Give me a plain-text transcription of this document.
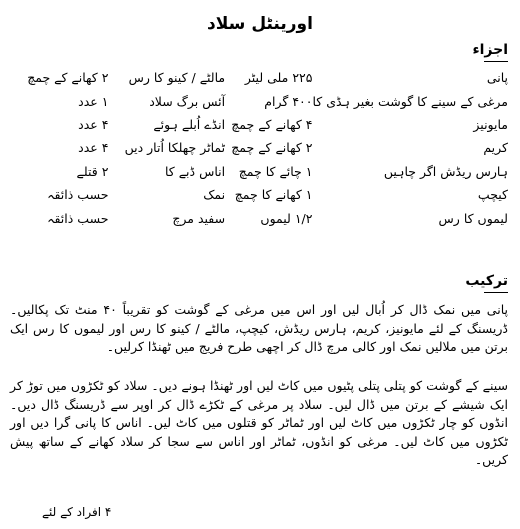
اورینٹل سلاد
اجزاء
پانی	۲۲۵ ملی لیٹر	مالٹے / کینو کا رس	۲ کھانے کے چمچ
مرغی کے سینے کا گوشت بغیر ہڈی کا	۴۰۰ گرام	آئس برگ سلاد	۱ عدد
مایونیز	۴ کھانے کے چمچ	انڈے اُبلے ہوئے	۴ عدد
کریم	۲ کھانے کے چمچ	ٹماٹر چھلکا اُتار دیں	۴ عدد
ہارس ریڈش اگر چاہیں	۱ چائے کا چمچ	اناس ڈبے کا	۲ قتلے
کیچپ	۱ کھانے کا چمچ	نمک	حسب ذائقہ
لیموں کا رس	۱/۲ لیموں	سفید مرچ	حسب ذائقہ
ترکیب

پانی میں نمک ڈال کر اُبال لیں اور اس میں مرغی کے گوشت کو تقریباً ۴۰ منٹ تک پکالیں۔ ڈریسنگ کے لئے مایونیز، کریم، ہارس ریڈش، کیچپ، مالٹے / کینو کا رس اور لیموں کا رس ایک برتن میں ملالیں نمک اور کالی مرچ ڈال کر اچھی طرح فریج میں ٹھنڈا کرلیں۔

سینے کے گوشت کو پتلی پتلی پٹیوں میں کاٹ لیں اور ٹھنڈا ہونے دیں۔ سلاد کو ٹکڑوں میں توڑ کر ایک شیشے کے برتن میں ڈال لیں۔ سلاد پر مرغی کے ٹکڑے ڈال کر اوپر سے ڈریسنگ ڈال دیں۔ انڈوں کو چار ٹکڑوں میں کاٹ لیں اور ٹماٹر کو قتلوں میں کاٹ لیں۔ اناس کا پانی گرا دیں اور ٹکڑوں میں کاٹ لیں۔ مرغی کو انڈوں، ٹماٹر اور اناس سے سجا کر سلاد کھانے کے ساتھ پیش کریں۔

۴ افراد کے لئے
